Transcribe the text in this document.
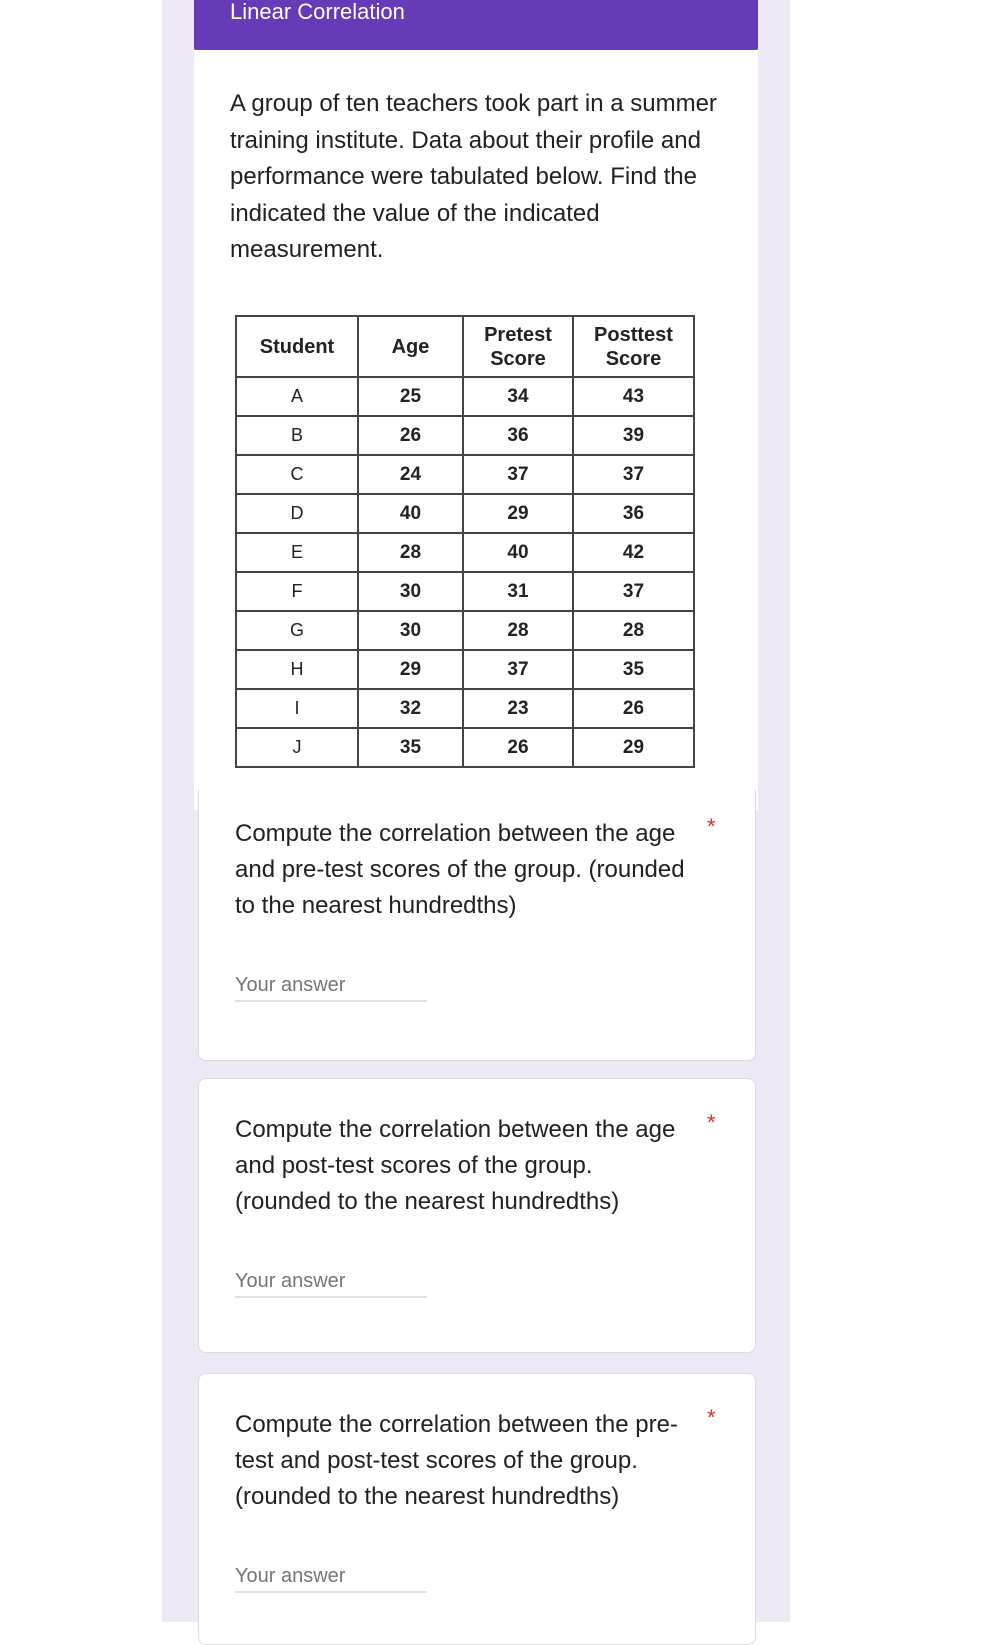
Linear Correlation
A group of ten teachers took part in a summer training institute. Data about their profile and performance were tabulated below. Find the indicated the value of the indicated measurement.
Student	Age	Pretest Score	Posttest Score
A	25	34	43
B	26	36	39
C	24	37	37
D	40	29	36
E	28	40	42
F	30	31	37
G	30	28	28
H	29	37	35
I	32	23	26
J	35	26	29
Compute the correlation between the age and pre-test scores of the group. (rounded to the nearest hundredths)
*
Your answer
Compute the correlation between the age and post-test scores of the group. (rounded to the nearest hundredths)
*
Your answer
Compute the correlation between the pre-test and post-test scores of the group. (rounded to the nearest hundredths)
*
Your answer
